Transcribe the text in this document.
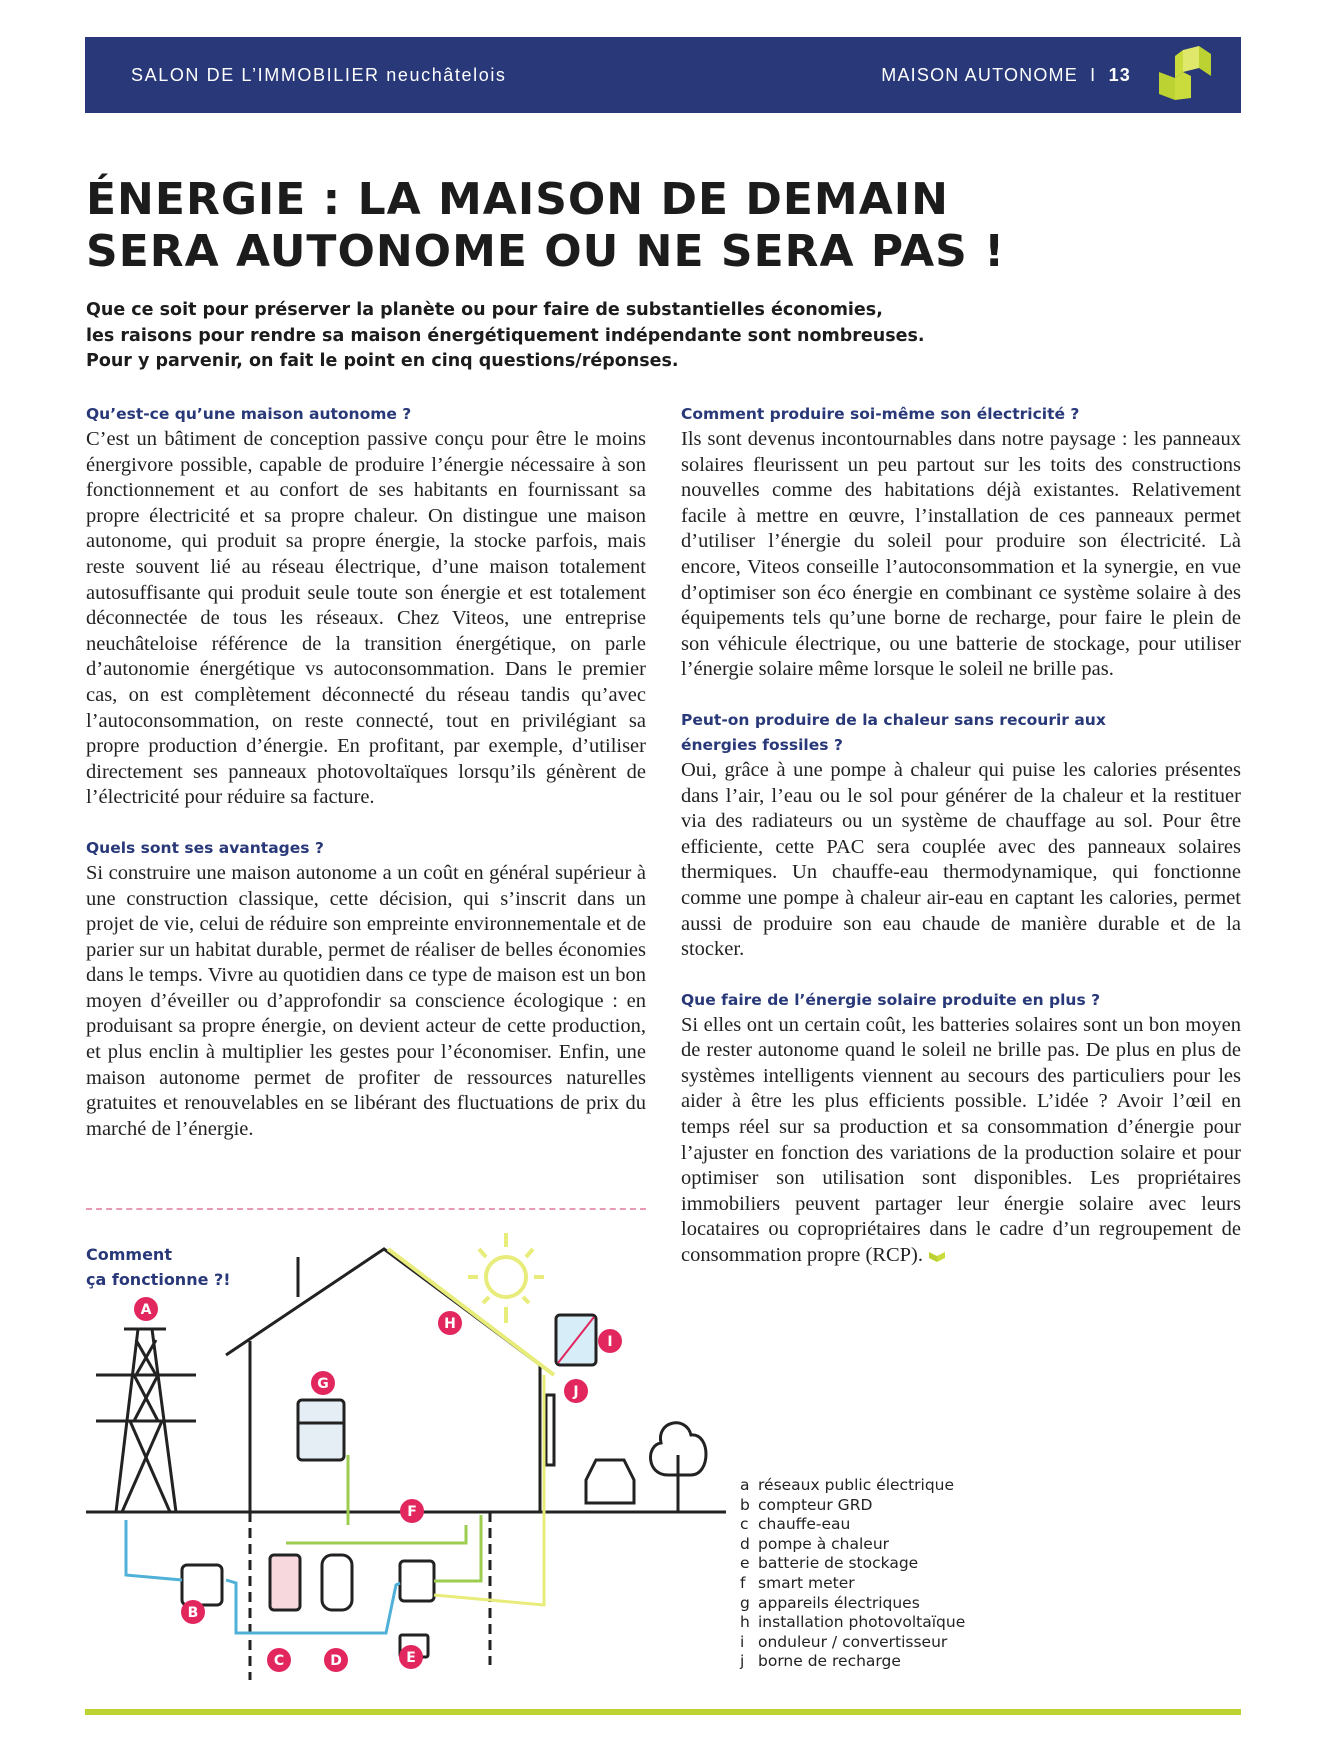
SALON DE L’IMMOBILIER neuchâtelois	MAISON AUTONOME I 13
ÉNERGIE : LA MAISON DE DEMAIN
SERA AUTONOME OU NE SERA PAS !
Que ce soit pour préserver la planète ou pour faire de substantielles économies,
les raisons pour rendre sa maison énergétiquement indépendante sont nombreuses.
Pour y parvenir, on fait le point en cinq questions/réponses.
Qu’est-ce qu’une maison autonome ?
C’est un bâtiment de conception passive conçu pour être le moins énergivore possible, capable de produire l’énergie nécessaire à son fonctionnement et au confort de ses habitants en fournissant sa propre électricité et sa propre chaleur. On distingue une maison autonome, qui produit sa propre énergie, la stocke parfois, mais reste souvent lié au réseau électrique, d’une maison totalement autosuffisante qui produit seule toute son énergie et est totalement déconnectée de tous les réseaux. Chez Viteos, une entreprise neuchâteloise référence de la transition énergétique, on parle d’autonomie énergétique vs autoconsommation. Dans le premier cas, on est complètement déconnecté du réseau tandis qu’avec l’autoconsommation, on reste connecté, tout en privilégiant sa propre production d’énergie. En profitant, par exemple, d’utiliser directement ses panneaux photovoltaïques lorsqu’ils génèrent de l’électricité pour réduire sa facture.
Quels sont ses avantages ?
Si construire une maison autonome a un coût en général supérieur à une construction classique, cette décision, qui s’inscrit dans un projet de vie, celui de réduire son empreinte environnementale et de parier sur un habitat durable, permet de réaliser de belles économies dans le temps. Vivre au quotidien dans ce type de maison est un bon moyen d’éveiller ou d’approfondir sa conscience écologique : en produisant sa propre énergie, on devient acteur de cette production, et plus enclin à multiplier les gestes pour l’économiser. Enfin, une maison autonome permet de profiter de ressources naturelles gratuites et renouvelables en se libérant des fluctuations de prix du marché de l’énergie.
Comment produire soi-même son électricité ?
Ils sont devenus incontournables dans notre paysage : les panneaux solaires fleurissent un peu partout sur les toits des constructions nouvelles comme des habitations déjà existantes. Relativement facile à mettre en œuvre, l’installation de ces panneaux permet d’utiliser l’énergie du soleil pour produire son électricité. Là encore, Viteos conseille l’autoconsommation et la synergie, en vue d’optimiser son éco énergie en combinant ce système solaire à des équipements tels qu’une borne de recharge, pour faire le plein de son véhicule électrique, ou une batterie de stockage, pour utiliser l’énergie solaire même lorsque le soleil ne brille pas.
Peut-on produire de la chaleur sans recourir aux énergies fossiles ?
Oui, grâce à une pompe à chaleur qui puise les calories présentes dans l’air, l’eau ou le sol pour générer de la chaleur et la restituer via des radiateurs ou un système de chauffage au sol. Pour être efficiente, cette PAC sera couplée avec des panneaux solaires thermiques. Un chauffe-eau thermodynamique, qui fonctionne comme une pompe à chaleur air-eau en captant les calories, permet aussi de produire son eau chaude de manière durable et de la stocker.
Que faire de l’énergie solaire produite en plus ?
Si elles ont un certain coût, les batteries solaires sont un bon moyen de rester autonome quand le soleil ne brille pas. De plus en plus de systèmes intelligents viennent au secours des particuliers pour les aider à être les plus efficients possible. L’idée ? Avoir l’œil en temps réel sur sa production et sa consommation d’énergie pour l’ajuster en fonction des variations de la production solaire et pour optimiser son utilisation sont disponibles. Les propriétaires immobiliers peuvent partager leur énergie solaire avec leurs locataires ou copropriétaires dans le cadre d’un regroupement de consommation propre (RCP).
Comment
ça fonctionne ?!
A
B
C	D	E
F
G
H
I
J
a réseaux public électrique
b compteur GRD
c chauffe-eau
d pompe à chaleur
e batterie de stockage
f smart meter
g appareils électriques
h installation photovoltaïque
i onduleur / convertisseur
j borne de recharge
